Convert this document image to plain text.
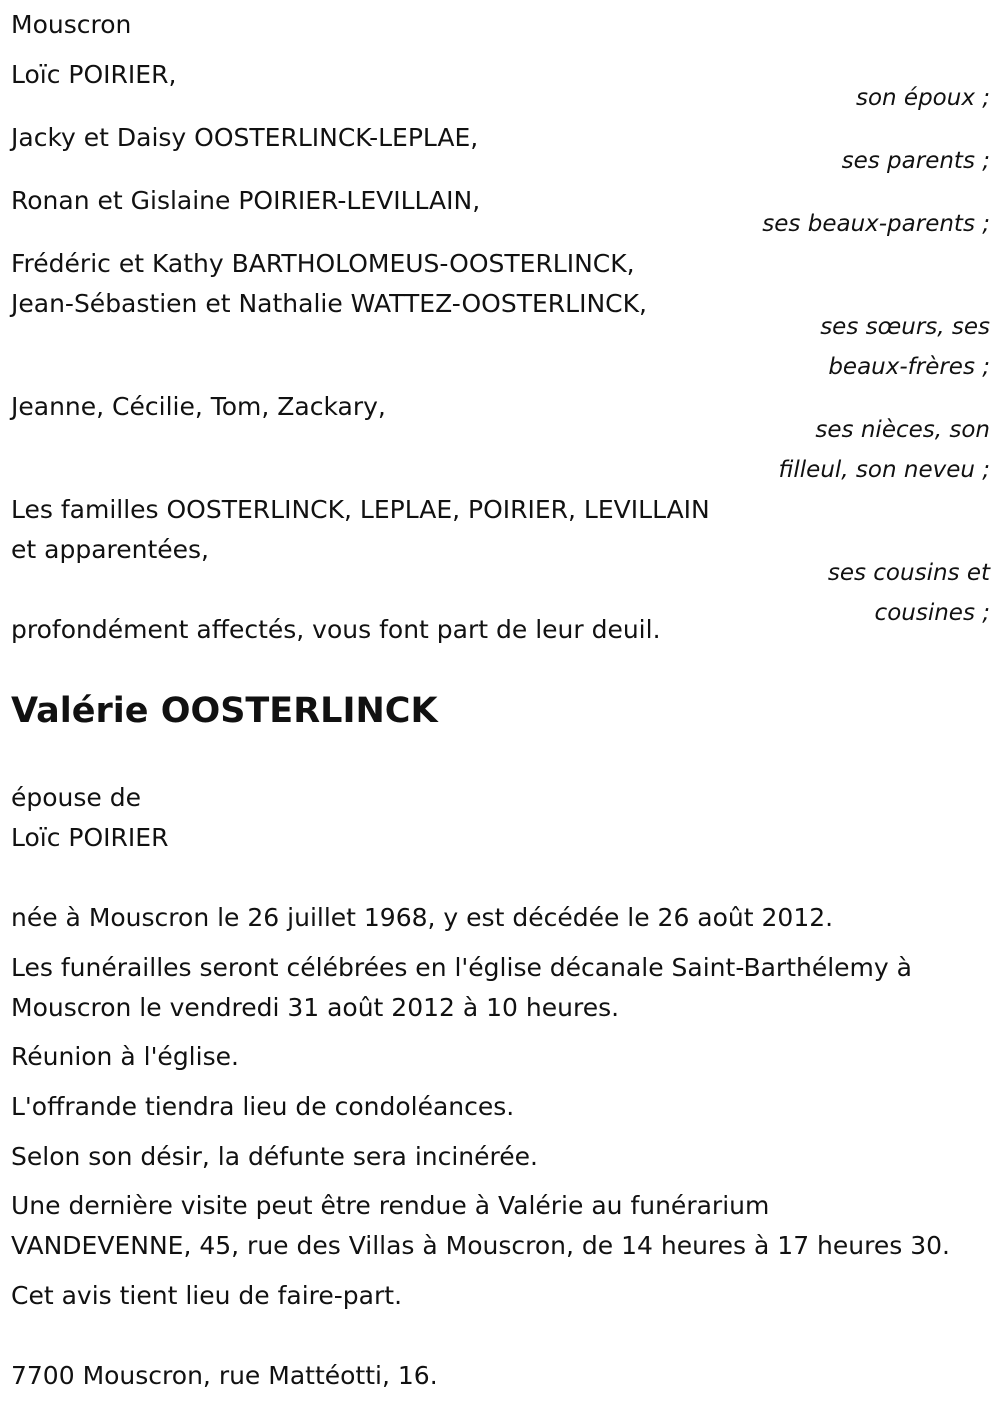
Mouscron
Loïc POIRIER,
son époux ;
Jacky et Daisy OOSTERLINCK-LEPLAE,
ses parents ;
Ronan et Gislaine POIRIER-LEVILLAIN,
ses beaux-parents ;
Frédéric et Kathy BARTHOLOMEUS-OOSTERLINCK,
Jean-Sébastien et Nathalie WATTEZ-OOSTERLINCK,
ses sœurs, ses
beaux-frères ;
Jeanne, Cécilie, Tom, Zackary,
ses nièces, son
filleul, son neveu ;
Les familles OOSTERLINCK, LEPLAE, POIRIER, LEVILLAIN
et apparentées,
ses cousins et
cousines ;
profondément affectés, vous font part de leur deuil.
Valérie OOSTERLINCK
épouse de
Loïc POIRIER
née à Mouscron le 26 juillet 1968, y est décédée le 26 août 2012.
Les funérailles seront célébrées en l'église décanale Saint-Barthélemy à
Mouscron le vendredi 31 août 2012 à 10 heures.
Réunion à l'église.
L'offrande tiendra lieu de condoléances.
Selon son désir, la défunte sera incinérée.
Une dernière visite peut être rendue à Valérie au funérarium
VANDEVENNE, 45, rue des Villas à Mouscron, de 14 heures à 17 heures 30.
Cet avis tient lieu de faire-part.
7700 Mouscron, rue Mattéotti, 16.
